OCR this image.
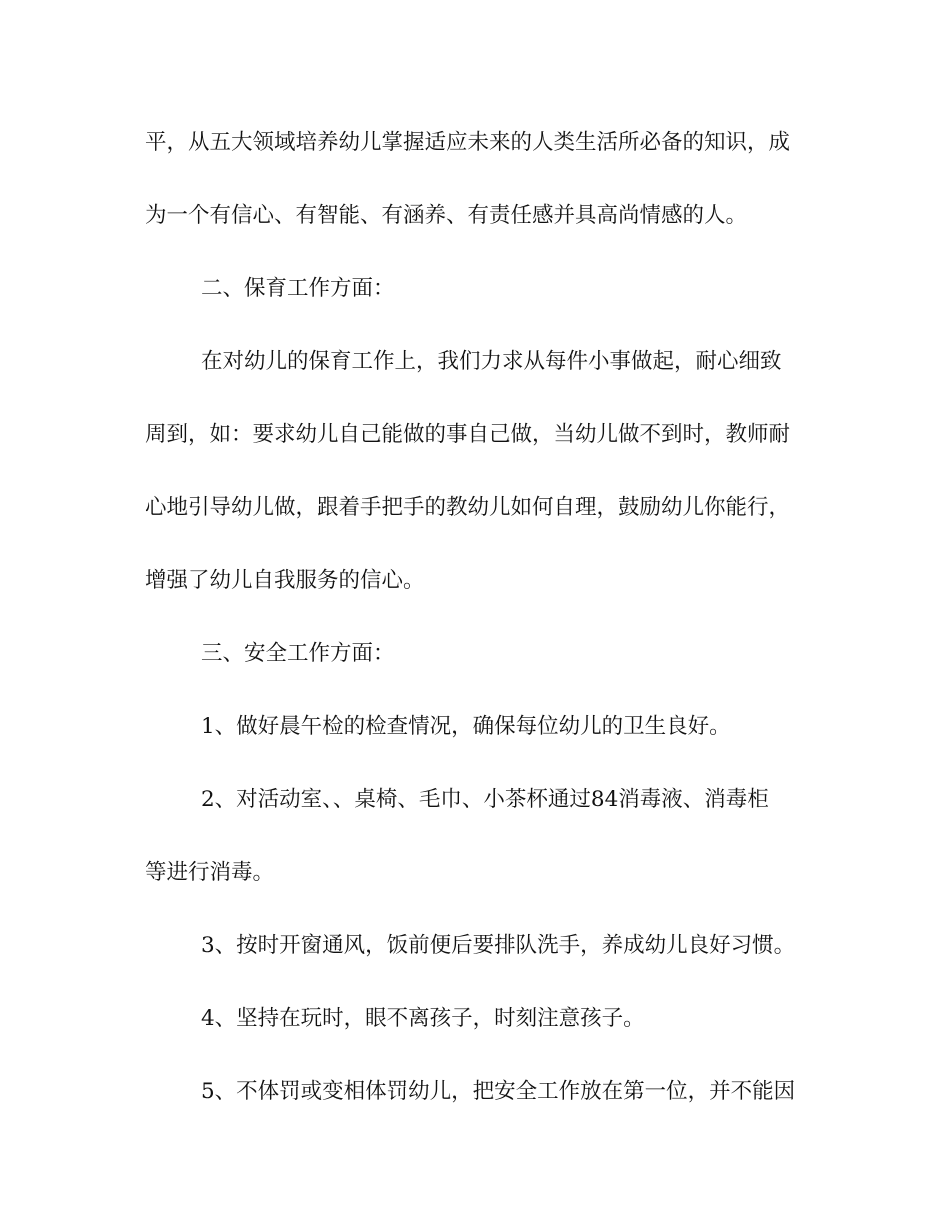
平，从五大领域培养幼儿掌握适应未来的人类生活所必备的知识，成
为一个有信心、有智能、有涵养、有责任感并具高尚情感的人。
二、保育工作方面：
在对幼儿的保育工作上，我们力求从每件小事做起，耐心细致
周到，如：要求幼儿自己能做的事自己做，当幼儿做不到时，教师耐
心地引导幼儿做，跟着手把手的教幼儿如何自理，鼓励幼儿你能行，
增强了幼儿自我服务的信心。
三、安全工作方面：
1、做好晨午检的检查情况，确保每位幼儿的卫生良好。
2、对活动室、、桌椅、毛巾、小茶杯通过84消毒液、消毒柜
等进行消毒。
3、按时开窗通风，饭前便后要排队洗手，养成幼儿良好习惯。
4、坚持在玩时，眼不离孩子，时刻注意孩子。
5、不体罚或变相体罚幼儿，把安全工作放在第一位，并不能因
